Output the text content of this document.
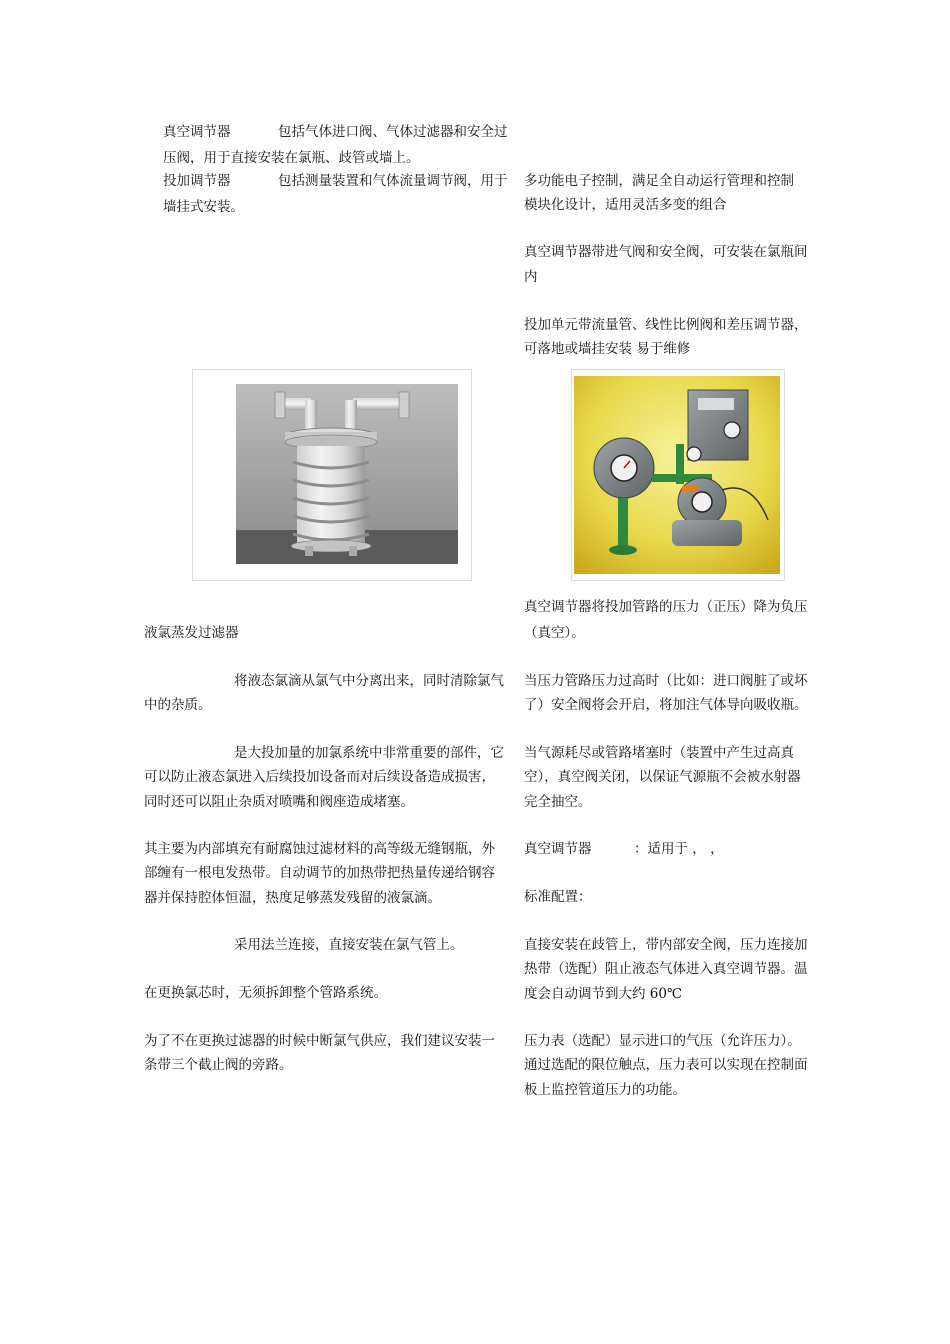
真空调节器	包括气体进口阀、气体过滤器和安全过
压阀，用于直接安装在氯瓶、歧管或墙上。
投加调节器	包括测量装置和气体流量调节阀，用于
墙挂式安装。
多功能电子控制，满足全自动运行管理和控制
模块化设计，适用灵活多变的组合
真空调节器带进气阀和安全阀，可安装在氯瓶间
内
投加单元带流量管、线性比例阀和差压调节器，
可落地或墙挂安装 易于维修
液氯蒸发过滤器
将液态氯滴从氯气中分离出来，同时清除氯气
中的杂质。
是大投加量的加氯系统中非常重要的部件，它
可以防止液态氯进入后续投加设备而对后续设备造成损害，
同时还可以阻止杂质对喷嘴和阀座造成堵塞。
其主要为内部填充有耐腐蚀过滤材料的高等级无缝钢瓶，外
部缠有一根电发热带。自动调节的加热带把热量传递给钢容
器并保持腔体恒温，热度足够蒸发残留的液氯滴。
采用法兰连接，直接安装在氯气管上。
在更换氯芯时，无须拆卸整个管路系统。
为了不在更换过滤器的时候中断氯气供应，我们建议安装一
条带三个截止阀的旁路。
真空调节器将投加管路的压力（正压）降为负压
（真空）。
当压力管路压力过高时（比如：进口阀脏了或坏
了）安全阀将会开启，将加注气体导向吸收瓶。
当气源耗尽或管路堵塞时（装置中产生过高真
空），真空阀关闭，以保证气源瓶不会被水射器
完全抽空。
真空调节器	：适用于 ， ，
标准配置：
直接安装在歧管上，带内部安全阀，压力连接加
热带（选配）阻止液态气体进入真空调节器。温
度会自动调节到大约 60℃
压力表（选配）显示进口的气压（允许压力）。
通过选配的限位触点，压力表可以实现在控制面
板上监控管道压力的功能。
